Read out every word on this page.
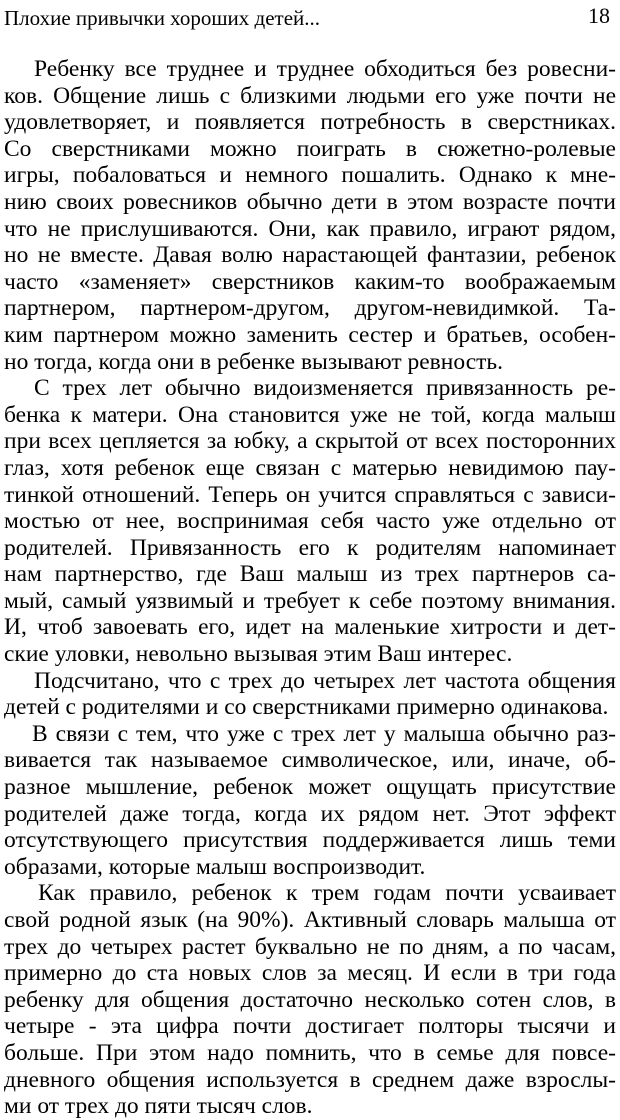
Плохие привычки хороших детей...	18
Ребенку все труднее и труднее обходиться без ровесни-
ков. Общение лишь с близкими людьми его уже почти не
удовлетворяет, и появляется потребность в сверстниках.
Со сверстниками можно поиграть в сюжетно-ролевые
игры, побаловаться и немного пошалить. Однако к мне-
нию своих ровесников обычно дети в этом возрасте почти
что не прислушиваются. Они, как правило, играют рядом,
но не вместе. Давая волю нарастающей фантазии, ребенок
часто «заменяет» сверстников каким-то воображаемым
партнером, партнером-другом, другом-невидимкой. Та-
ким партнером можно заменить сестер и братьев, особен-
но тогда, когда они в ребенке вызывают ревность.
С трех лет обычно видоизменяется привязанность ре-
бенка к матери. Она становится уже не той, когда малыш
при всех цепляется за юбку, а скрытой от всех посторонних
глаз, хотя ребенок еще связан с матерью невидимою пау-
тинкой отношений. Теперь он учится справляться с зависи-
мостью от нее, воспринимая себя часто уже отдельно от
родителей. Привязанность его к родителям напоминает
нам партнерство, где Ваш малыш из трех партнеров са-
мый, самый уязвимый и требует к себе поэтому внимания.
И, чтоб завоевать его, идет на маленькие хитрости и дет-
ские уловки, невольно вызывая этим Ваш интерес.
Подсчитано, что с трех до четырех лет частота общения
детей с родителями и со сверстниками примерно одинакова.
В связи с тем, что уже с трех лет у малыша обычно раз-
вивается так называемое символическое, или, иначе, об-
разное мышление, ребенок может ощущать присутствие
родителей даже тогда, когда их рядом нет. Этот эффект
отсутствующего присутствия поддерживается лишь теми
образами, которые малыш воспроизводит.
Как правило, ребенок к трем годам почти усваивает
свой родной язык (на 90%). Активный словарь малыша от
трех до четырех растет буквально не по дням, а по часам,
примерно до ста новых слов за месяц. И если в три года
ребенку для общения достаточно несколько сотен слов, в
четыре - эта цифра почти достигает полторы тысячи и
больше. При этом надо помнить, что в семье для повсе-
дневного общения используется в среднем даже взрослы-
ми от трех до пяти тысяч слов.
